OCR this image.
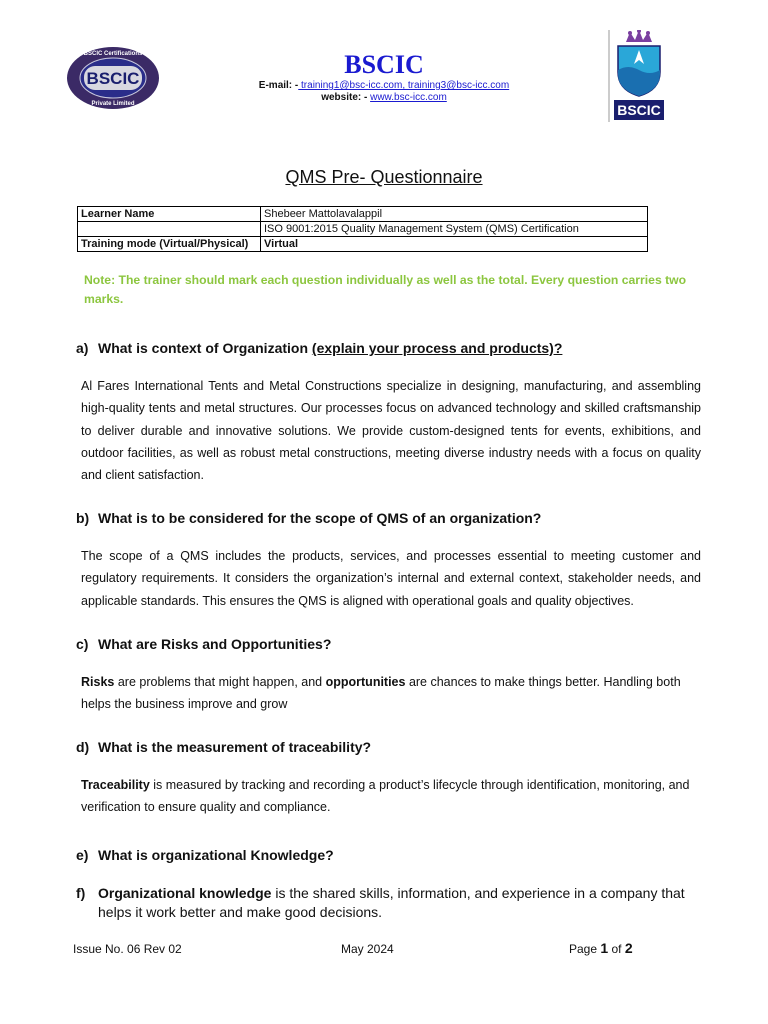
BSCIC Certifications
BSCIC
Private Limited	BSCIC
BSCIC
E-mail: - training1@bsc-icc.com, training3@bsc-icc.com
website: - www.bsc-icc.com
QMS Pre- Questionnaire
Learner Name	Shebeer Mattolavalappil
	ISO 9001:2015 Quality Management System (QMS) Certification
Training mode (Virtual/Physical)	Virtual
Note: The trainer should mark each question individually as well as the total. Every question carries two marks.
a) What is context of Organization (explain your process and products)?
Al Fares International Tents and Metal Constructions specialize in designing, manufacturing, and assembling high-quality tents and metal structures. Our processes focus on advanced technology and skilled craftsmanship to deliver durable and innovative solutions. We provide custom-designed tents for events, exhibitions, and outdoor facilities, as well as robust metal constructions, meeting diverse industry needs with a focus on quality and client satisfaction.
b) What is to be considered for the scope of QMS of an organization?
The scope of a QMS includes the products, services, and processes essential to meeting customer and regulatory requirements. It considers the organization’s internal and external context, stakeholder needs, and applicable standards. This ensures the QMS is aligned with operational goals and quality objectives.
c) What are Risks and Opportunities?
Risks are problems that might happen, and opportunities are chances to make things better. Handling both helps the business improve and grow
d) What is the measurement of traceability?
Traceability is measured by tracking and recording a product’s lifecycle through identification, monitoring, and verification to ensure quality and compliance.
e) What is organizational Knowledge?
f) Organizational knowledge is the shared skills, information, and experience in a company that helps it work better and make good decisions.
Issue No. 06 Rev 02	May 2024	Page 1 of 2
